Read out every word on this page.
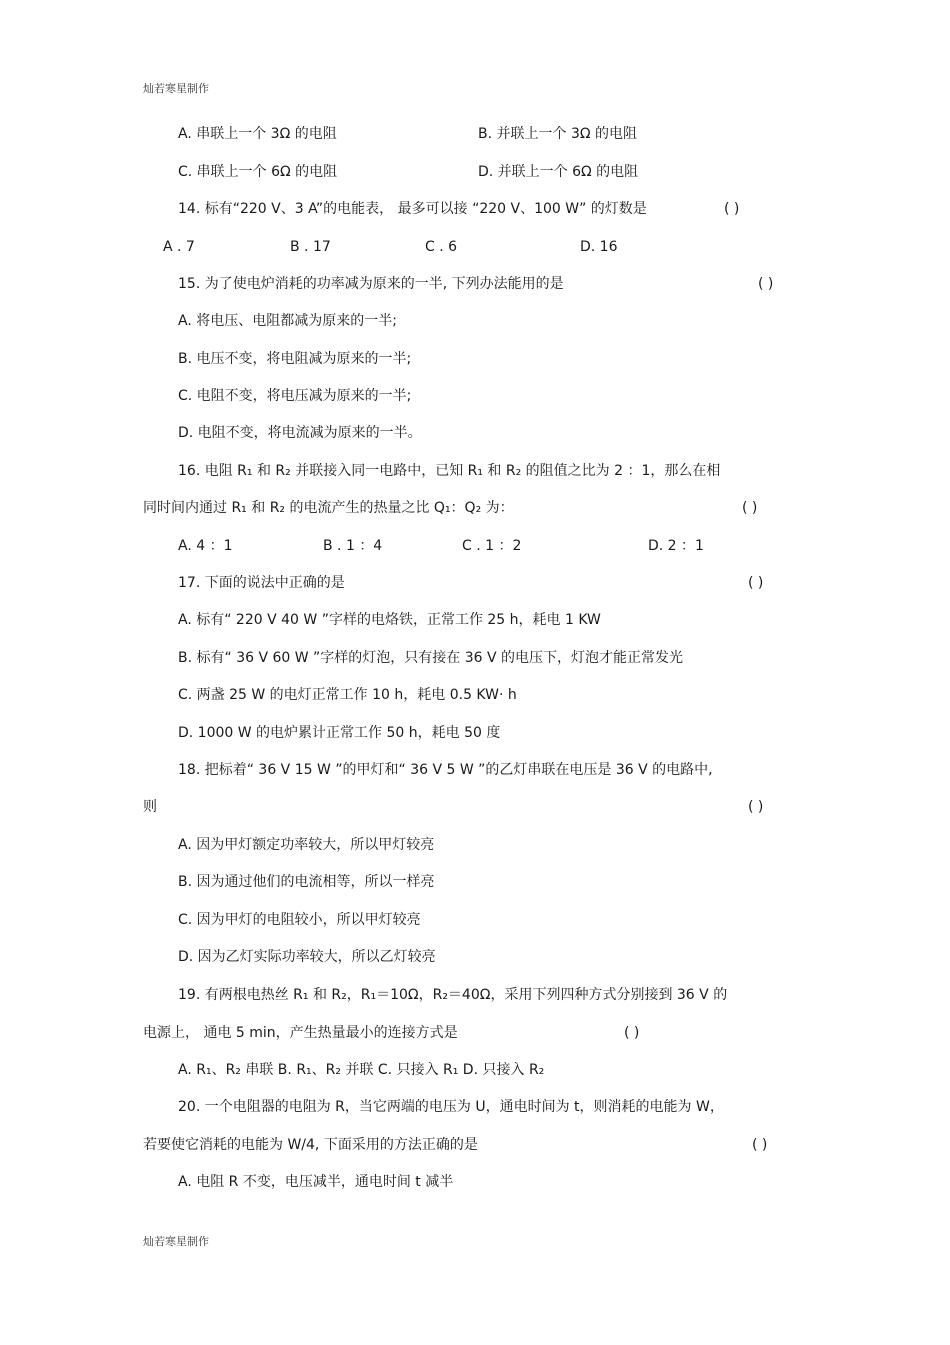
灿若寒星制作
A. 串联上一个 3Ω 的电阻	B. 并联上一个 3Ω 的电阻
C. 串联上一个 6Ω 的电阻	D. 并联上一个 6Ω 的电阻
14. 标有“220 V、3 A”的电能表， 最多可以接 “220 V、100 W” 的灯数是	( )
A . 7	B . 17	C . 6	D. 16
15. 为了使电炉消耗的功率减为原来的一半, 下列办法能用的是	( )
A. 将电压、电阻都减为原来的一半;
B. 电压不变，将电阻减为原来的一半;
C. 电阻不变，将电压减为原来的一半;
D. 电阻不变，将电流减为原来的一半。
16. 电阻 R₁ 和 R₂ 并联接入同一电路中，已知 R₁ 和 R₂ 的阻值之比为 2 ：1，那么在相
同时间内通过 R₁ 和 R₂ 的电流产生的热量之比 Q₁：Q₂ 为：	( )
A. 4 ：1	B . 1 ：4	C . 1 ：2	D. 2 ：1
17. 下面的说法中正确的是	( )
A. 标有“ 220 V 40 W ”字样的电烙铁，正常工作 25 h，耗电 1 KW
B. 标有“ 36 V 60 W ”字样的灯泡，只有接在 36 V 的电压下，灯泡才能正常发光
C. 两盏 25 W 的电灯正常工作 10 h，耗电 0.5 KW· h
D. 1000 W 的电炉累计正常工作 50 h，耗电 50 度
18. 把标着“ 36 V 15 W ”的甲灯和“ 36 V 5 W ”的乙灯串联在电压是 36 V 的电路中,
则	( )
A. 因为甲灯额定功率较大，所以甲灯较亮
B. 因为通过他们的电流相等，所以一样亮
C. 因为甲灯的电阻较小，所以甲灯较亮
D. 因为乙灯实际功率较大，所以乙灯较亮
19. 有两根电热丝 R₁ 和 R₂，R₁＝10Ω，R₂＝40Ω，采用下列四种方式分别接到 36 V 的
电源上， 通电 5 min，产生热量最小的连接方式是	( )
A. R₁、R₂ 串联 B. R₁、R₂ 并联 C. 只接入 R₁ D. 只接入 R₂
20. 一个电阻器的电阻为 R，当它两端的电压为 U，通电时间为 t，则消耗的电能为 W，
若要使它消耗的电能为 W/4, 下面采用的方法正确的是	( )
A. 电阻 R 不变，电压减半，通电时间 t 减半
灿若寒星制作
